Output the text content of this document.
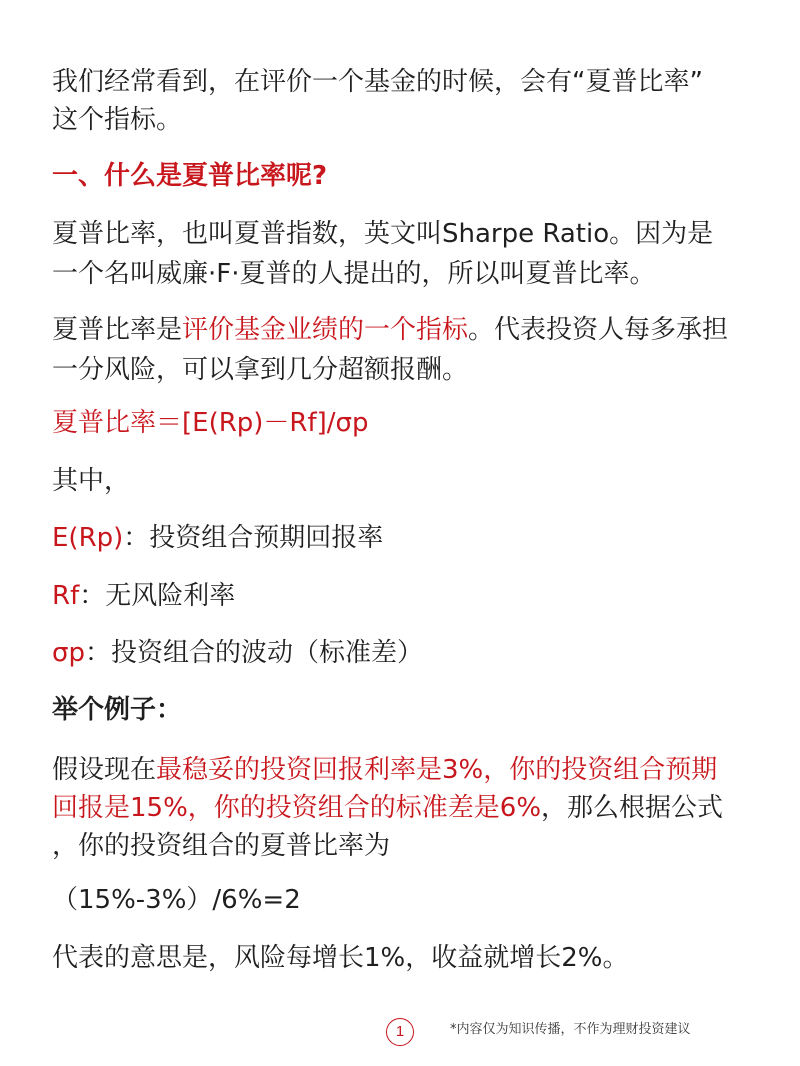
我们经常看到，在评价一个基金的时候，会有“夏普比率”

这个指标。

一、什么是夏普比率呢?

夏普比率，也叫夏普指数，英文叫Sharpe Ratio。因为是

一个名叫威廉·F·夏普的人提出的，所以叫夏普比率。

夏普比率是评价基金业绩的一个指标。代表投资人每多承担

一分风险，可以拿到几分超额报酬。

夏普比率＝[E(Rp)－Rf]/σp

其中，

E(Rp)：投资组合预期回报率

Rf：无风险利率

σp：投资组合的波动（标准差）

举个例子：

假设现在最稳妥的投资回报利率是3%，你的投资组合预期

回报是15%，你的投资组合的标准差是6%，那么根据公式

，你的投资组合的夏普比率为

（15%-3%）/6%=2

代表的意思是，风险每增长1%，收益就增长2%。

1	*内容仅为知识传播，不作为理财投资建议
